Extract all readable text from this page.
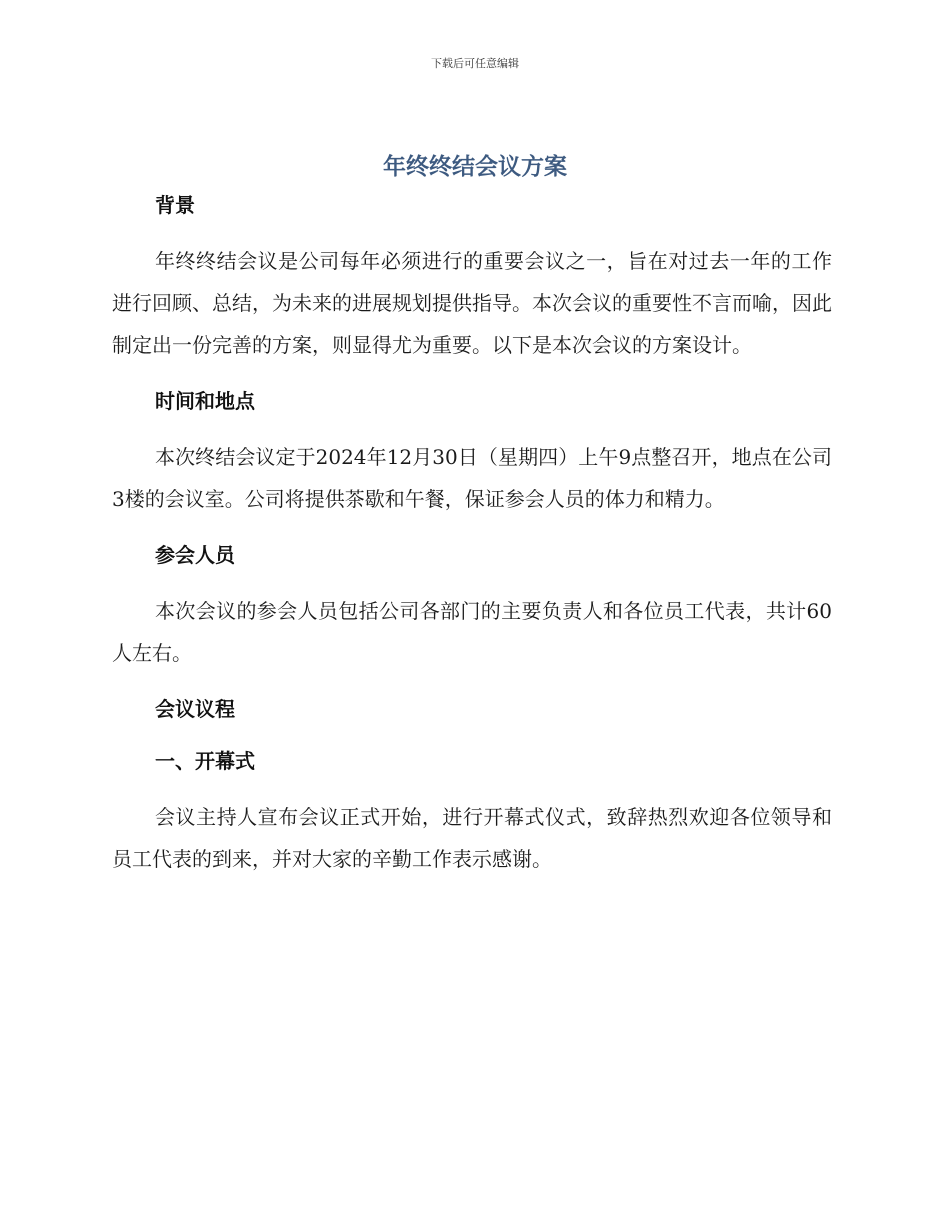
下载后可任意编辑
年终终结会议方案
背景

年终终结会议是公司每年必须进行的重要会议之一，旨在对过去一年的工作进行回顾、总结，为未来的进展规划提供指导。本次会议的重要性不言而喻，因此制定出一份完善的方案，则显得尤为重要。以下是本次会议的方案设计。

时间和地点

本次终结会议定于2024年12月30日（星期四）上午9点整召开，地点在公司3楼的会议室。公司将提供茶歇和午餐，保证参会人员的体力和精力。

参会人员

本次会议的参会人员包括公司各部门的主要负责人和各位员工代表，共计60人左右。

会议议程
一、开幕式

会议主持人宣布会议正式开始，进行开幕式仪式，致辞热烈欢迎各位领导和员工代表的到来，并对大家的辛勤工作表示感谢。
